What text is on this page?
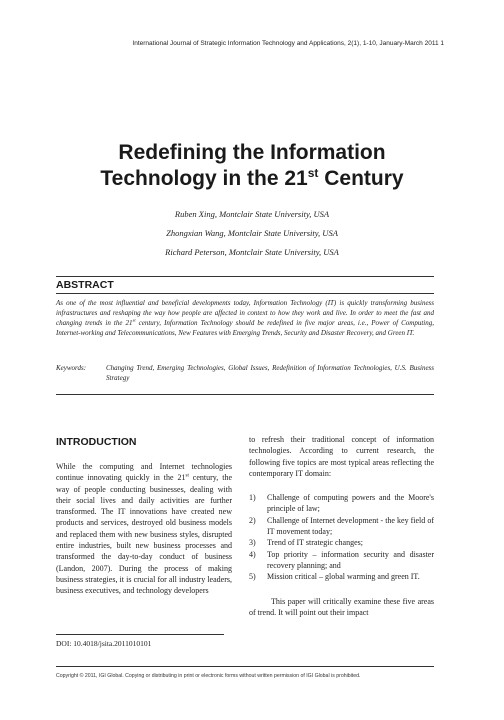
International Journal of Strategic Information Technology and Applications, 2(1), 1-10, January-March 2011 1
Redefining the Information
Technology in the 21st Century
Ruben Xing, Montclair State University, USA
Zhongxian Wang, Montclair State University, USA
Richard Peterson, Montclair State University, USA
ABSTRACT
As one of the most influential and beneficial developments today, Information Technology (IT) is quickly transforming business infrastructures and reshaping the way how people are affected in context to how they work and live. In order to meet the fast and changing trends in the 21st century, Information Technology should be redefined in five major areas, i.e., Power of Computing, Internet-working and Telecommunications, New Features with Emerging Trends, Security and Disaster Recovery, and Green IT.
Keywords:	Changing Trend, Emerging Technologies, Global Issues, Redefinition of Information Technologies, U.S. Business Strategy
INTRODUCTION

While the computing and Internet technologies continue innovating quickly in the 21st century, the way of people conducting businesses, dealing with their social lives and daily activities are further transformed. The IT innovations have created new products and services, destroyed old business models and replaced them with new business styles, disrupted entire industries, built new business processes and transformed the day-to-day conduct of business (Landon, 2007). During the process of making business strategies, it is crucial for all industry leaders, business executives, and technology developers

to refresh their traditional concept of information technologies. According to current research, the following five topics are most typical areas reflecting the contemporary IT domain:

1)	Challenge of computing powers and the Moore's principle of law;
2)	Challenge of Internet development - the key field of IT movement today;
3)	Trend of IT strategic changes;
4)	Top priority – information security and disaster recovery planning; and
5)	Mission critical – global warming and green IT.

This paper will critically examine these five areas of trend. It will point out their impact

DOI: 10.4018/jsita.2011010101
Copyright © 2011, IGI Global. Copying or distributing in print or electronic forms without written permission of IGI Global is prohibited.
